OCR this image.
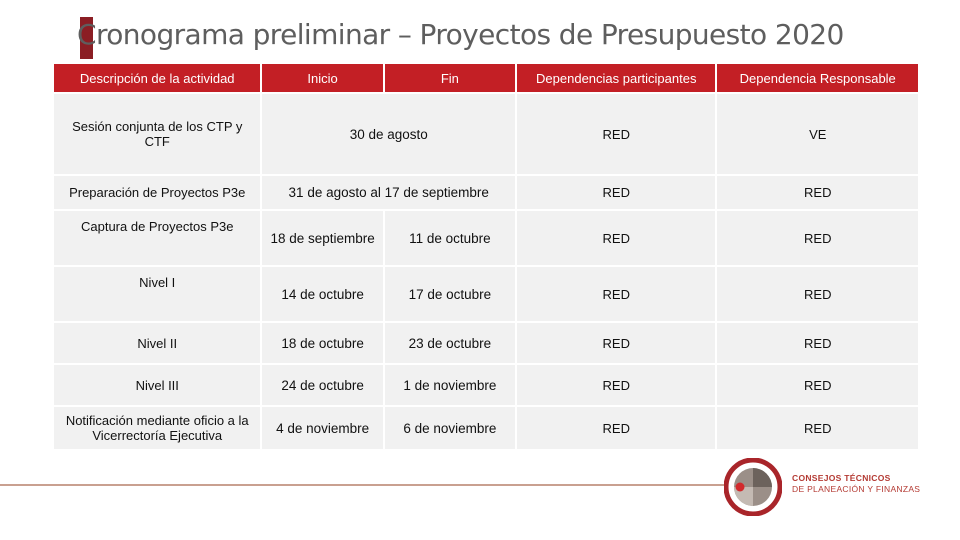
Cronograma preliminar – Proyectos de Presupuesto 2020
Descripción de la actividad	Inicio	Fin	Dependencias participantes	Dependencia Responsable
Sesión conjunta de los CTP y CTF	30 de agosto		RED	VE
Preparación de Proyectos P3e	31 de agosto al 17 de septiembre		RED	RED
Captura de Proyectos P3e	18 de septiembre	11 de octubre	RED	RED
Nivel I	14 de octubre	17 de octubre	RED	RED
Nivel II	18 de octubre	23 de octubre	RED	RED
Nivel III	24 de octubre	1 de noviembre	RED	RED
Notificación mediante oficio a la Vicerrectoría Ejecutiva	4 de noviembre	6 de noviembre	RED	RED
CONSEJOS TÉCNICOS
DE PLANEACIÓN Y FINANZAS
